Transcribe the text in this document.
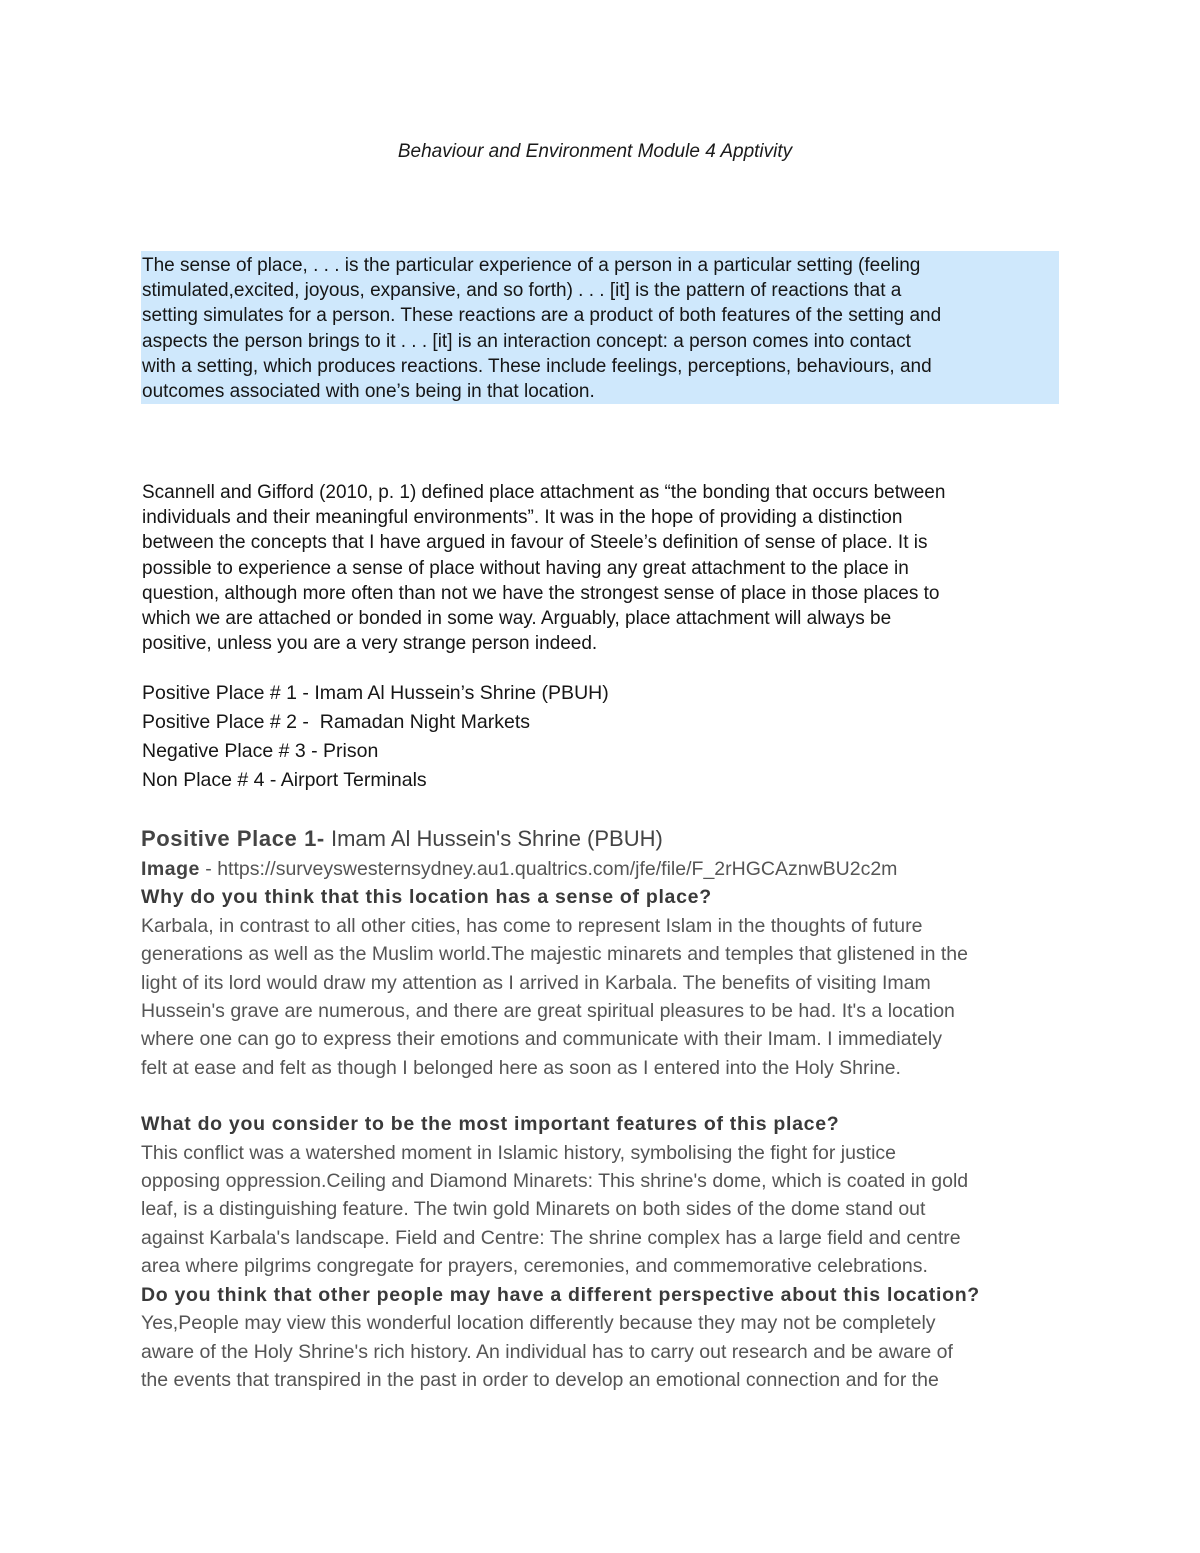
Behaviour and Environment Module 4 Apptivity
The sense of place, . . . is the particular experience of a person in a particular setting (feeling
stimulated,excited, joyous, expansive, and so forth) . . . [it] is the pattern of reactions that a
setting simulates for a person. These reactions are a product of both features of the setting and
aspects the person brings to it . . . [it] is an interaction concept: a person comes into contact
with a setting, which produces reactions. These include feelings, perceptions, behaviours, and
outcomes associated with one’s being in that location.
Scannell and Gifford (2010, p. 1) defined place attachment as “the bonding that occurs between
individuals and their meaningful environments”. It was in the hope of providing a distinction
between the concepts that I have argued in favour of Steele’s definition of sense of place. It is
possible to experience a sense of place without having any great attachment to the place in
question, although more often than not we have the strongest sense of place in those places to
which we are attached or bonded in some way. Arguably, place attachment will always be
positive, unless you are a very strange person indeed.
Positive Place # 1 - Imam Al Hussein’s Shrine (PBUH)
Positive Place # 2 -  Ramadan Night Markets
Negative Place # 3 - Prison
Non Place # 4 - Airport Terminals
Positive Place 1- Imam Al Hussein's Shrine (PBUH)
Image - https://surveyswesternsydney.au1.qualtrics.com/jfe/file/F_2rHGCAznwBU2c2m
Why do you think that this location has a sense of place?
Karbala, in contrast to all other cities, has come to represent Islam in the thoughts of future
generations as well as the Muslim world.The majestic minarets and temples that glistened in the
light of its lord would draw my attention as I arrived in Karbala. The benefits of visiting Imam
Hussein's grave are numerous, and there are great spiritual pleasures to be had. It's a location
where one can go to express their emotions and communicate with their Imam. I immediately
felt at ease and felt as though I belonged here as soon as I entered into the Holy Shrine.
What do you consider to be the most important features of this place?
This conflict was a watershed moment in Islamic history, symbolising the fight for justice
opposing oppression.Ceiling and Diamond Minarets: This shrine's dome, which is coated in gold
leaf, is a distinguishing feature. The twin gold Minarets on both sides of the dome stand out
against Karbala's landscape. Field and Centre: The shrine complex has a large field and centre
area where pilgrims congregate for prayers, ceremonies, and commemorative celebrations.
Do you think that other people may have a different perspective about this location?
Yes,People may view this wonderful location differently because they may not be completely
aware of the Holy Shrine's rich history. An individual has to carry out research and be aware of
the events that transpired in the past in order to develop an emotional connection and for the
